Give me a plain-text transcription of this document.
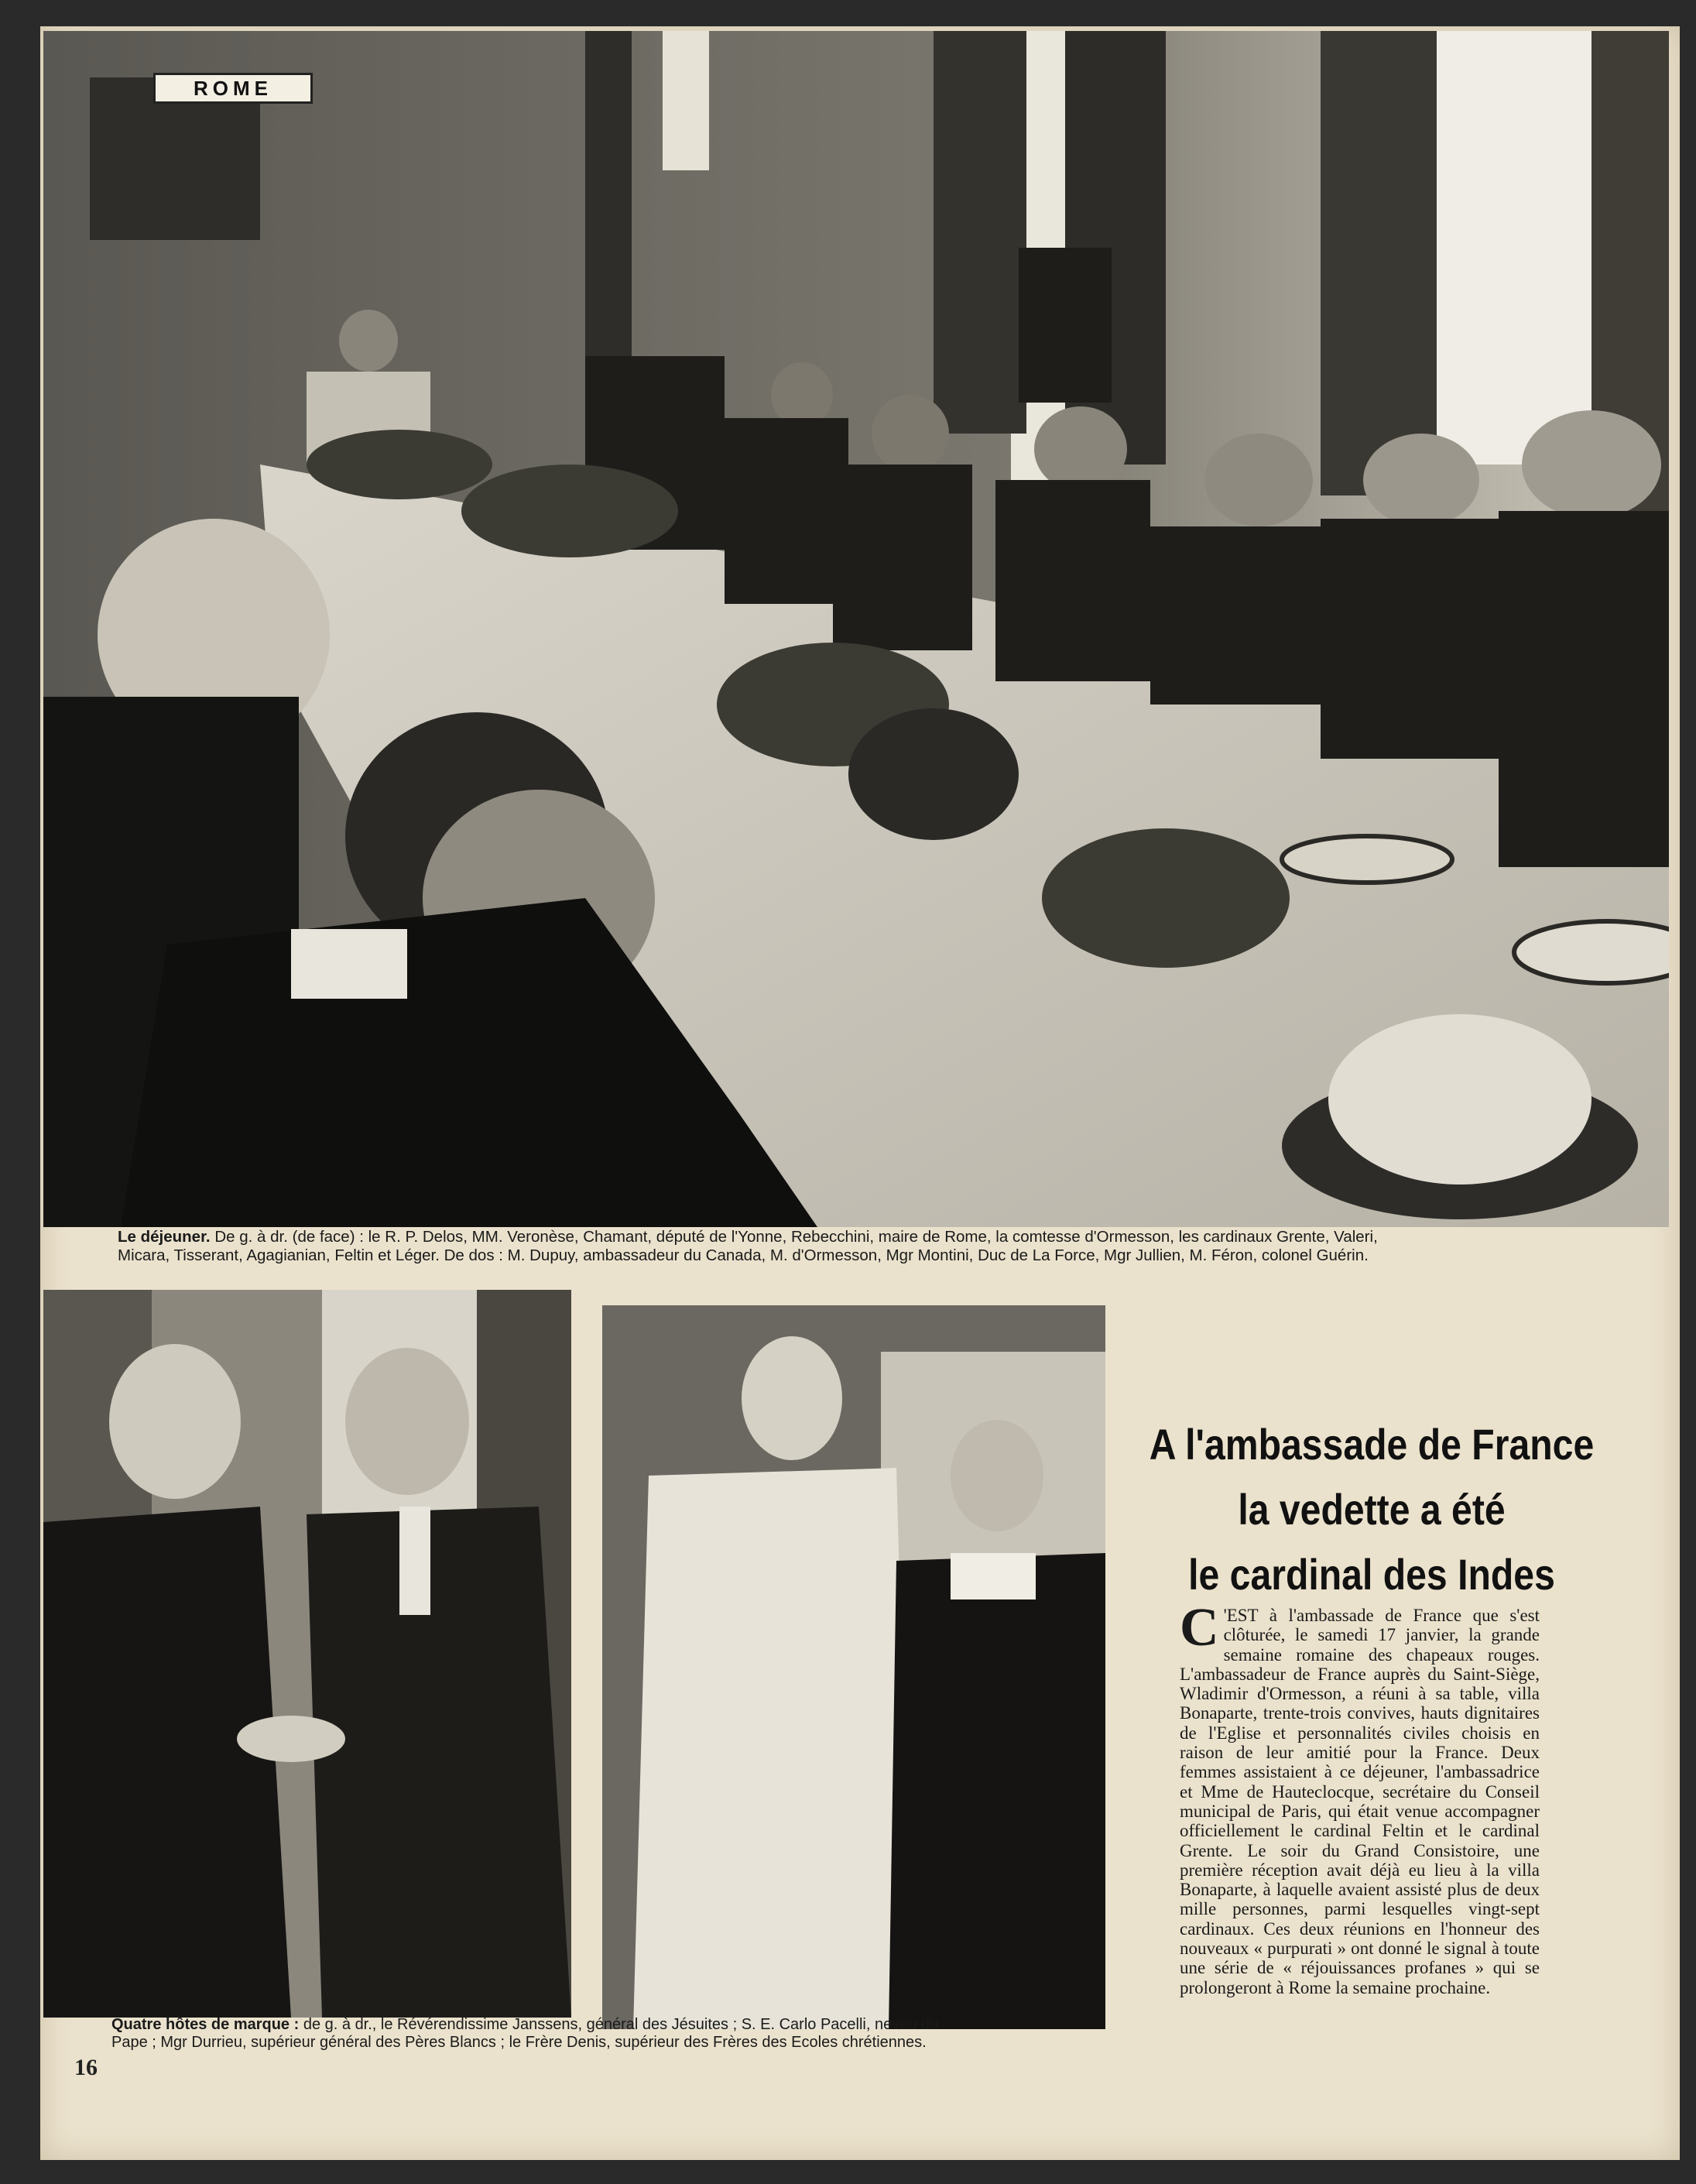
ROME
Le déjeuner. De g. à dr. (de face) : le R. P. Delos, MM. Veronèse, Chamant, député de l'Yonne, Rebecchini, maire de Rome, la comtesse d'Ormesson, les cardinaux Grente, Valeri,
Micara, Tisserant, Agagianian, Feltin et Léger. De dos : M. Dupuy, ambassadeur du Canada, M. d'Ormesson, Mgr Montini, Duc de La Force, Mgr Jullien, M. Féron, colonel Guérin.
Quatre hôtes de marque : de g. à dr., le Révérendissime Janssens, général des Jésuites ; S. E. Carlo Pacelli, neveu du
Pape ; Mgr Durrieu, supérieur général des Pères Blancs ; le Frère Denis, supérieur des Frères des Ecoles chrétiennes.
A l'ambassade de France
la vedette a été
le cardinal des Indes
C 'EST à l'ambassade de France que s'est clôturée, le samedi 17 janvier, la grande semaine romaine des chapeaux rouges. L'ambassadeur de France auprès du Saint-Siège, Wladimir d'Ormesson, a réuni à sa table, villa Bonaparte, trente-trois convives, hauts dignitaires de l'Eglise et personnalités civiles choisis en raison de leur amitié pour la France. Deux femmes assistaient à ce déjeuner, l'ambassadrice et Mme de Hauteclocque, secrétaire du Conseil municipal de Paris, qui était venue accompagner officiellement le cardinal Feltin et le cardinal Grente. Le soir du Grand Consistoire, une première réception avait déjà eu lieu à la villa Bonaparte, à laquelle avaient assisté plus de deux mille personnes, parmi lesquelles vingt-sept cardinaux. Ces deux réunions en l'honneur des nouveaux « purpurati » ont donné le signal à toute une série de « réjouissances profanes » qui se prolongeront à Rome la semaine prochaine.
16
